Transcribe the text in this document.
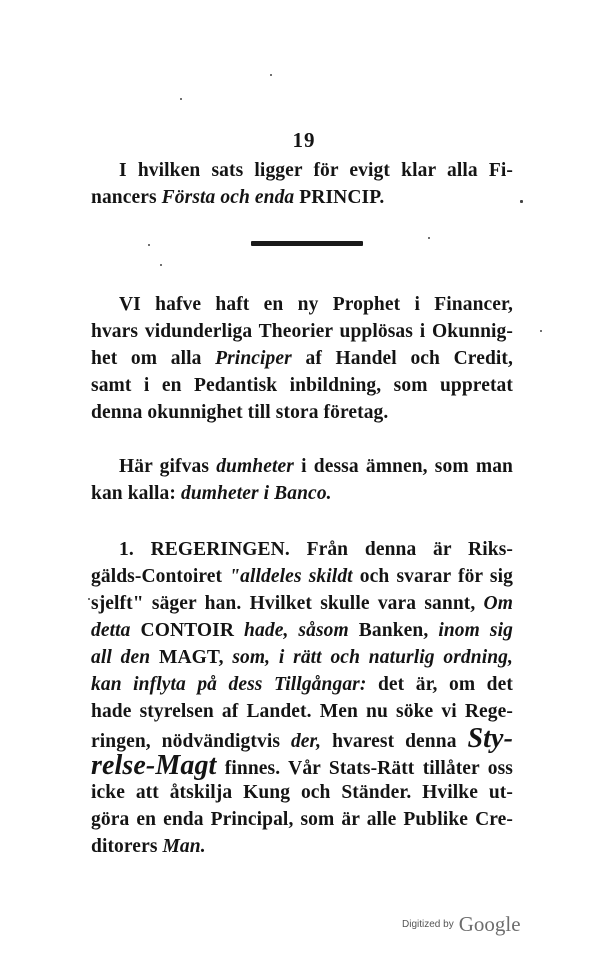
19
I hvilken sats ligger för evigt klar alla Fi-
nancers Första och enda PRINCIP.
VI hafve haft en ny Prophet i Financer,
hvars vidunderliga Theorier upplösas i Okunnig-
het om alla Principer af Handel och Credit,
samt i en Pedantisk inbildning, som uppretat
denna okunnighet till stora företag.
Här gifvas dumheter i dessa ämnen, som man
kan kalla: dumheter i Banco.
1. REGERINGEN. Från denna är Riks-
gälds-Contoiret "alldeles skildt och svarar för sig
sjelft" säger han. Hvilket skulle vara sannt, Om
detta CONTOIR hade, såsom Banken, inom sig
all den MAGT, som, i rätt och naturlig ordning,
kan inflyta på dess Tillgångar: det är, om det
hade styrelsen af Landet. Men nu söke vi Rege-
ringen, nödvändigtvis der, hvarest denna Sty-
relse-Magt finnes. Vår Stats-Rätt tillåter oss
icke att åtskilja Kung och Ständer. Hvilke ut-
göra en enda Principal, som är alle Publike Cre-
ditorers Man.
Digitized by Google
